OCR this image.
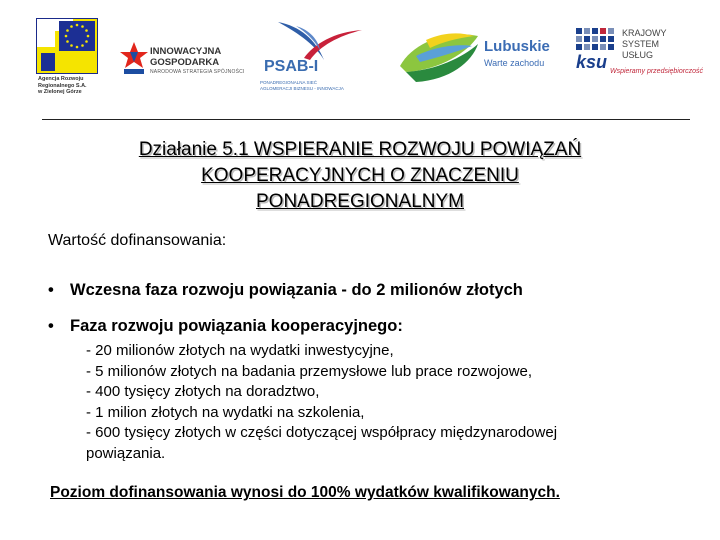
Agencja Rozwoju
Regionalnego S.A.
w Zielonej Górze
INNOWACYJNA
GOSPODARKA
NARODOWA STRATEGIA SPÓJNOŚCI PSAB-I
PONADREGIONALNA SIEĆ
AGLOMERACJI BIZNESU - INNOWACJA
Lubuskie
Warte zachodu
KRAJOWY
SYSTEM
USŁUG
ksu Wspieramy przedsiębiorczość
Działanie 5.1 WSPIERANIE ROZWOJU POWIĄZAŃ
KOOPERACYJNYCH O ZNACZENIU
PONADREGIONALNYM
Wartość dofinansowania:
• Wczesna faza rozwoju powiązania - do 2 milionów złotych
• Faza rozwoju powiązania kooperacyjnego:
- 20 milionów złotych na wydatki inwestycyjne,
- 5 milionów złotych na badania przemysłowe lub prace rozwojowe,
- 400 tysięcy złotych na doradztwo,
- 1 milion złotych na wydatki na szkolenia,
- 600 tysięcy złotych w części dotyczącej współpracy międzynarodowej
powiązania.
Poziom dofinansowania wynosi do 100% wydatków kwalifikowanych.
